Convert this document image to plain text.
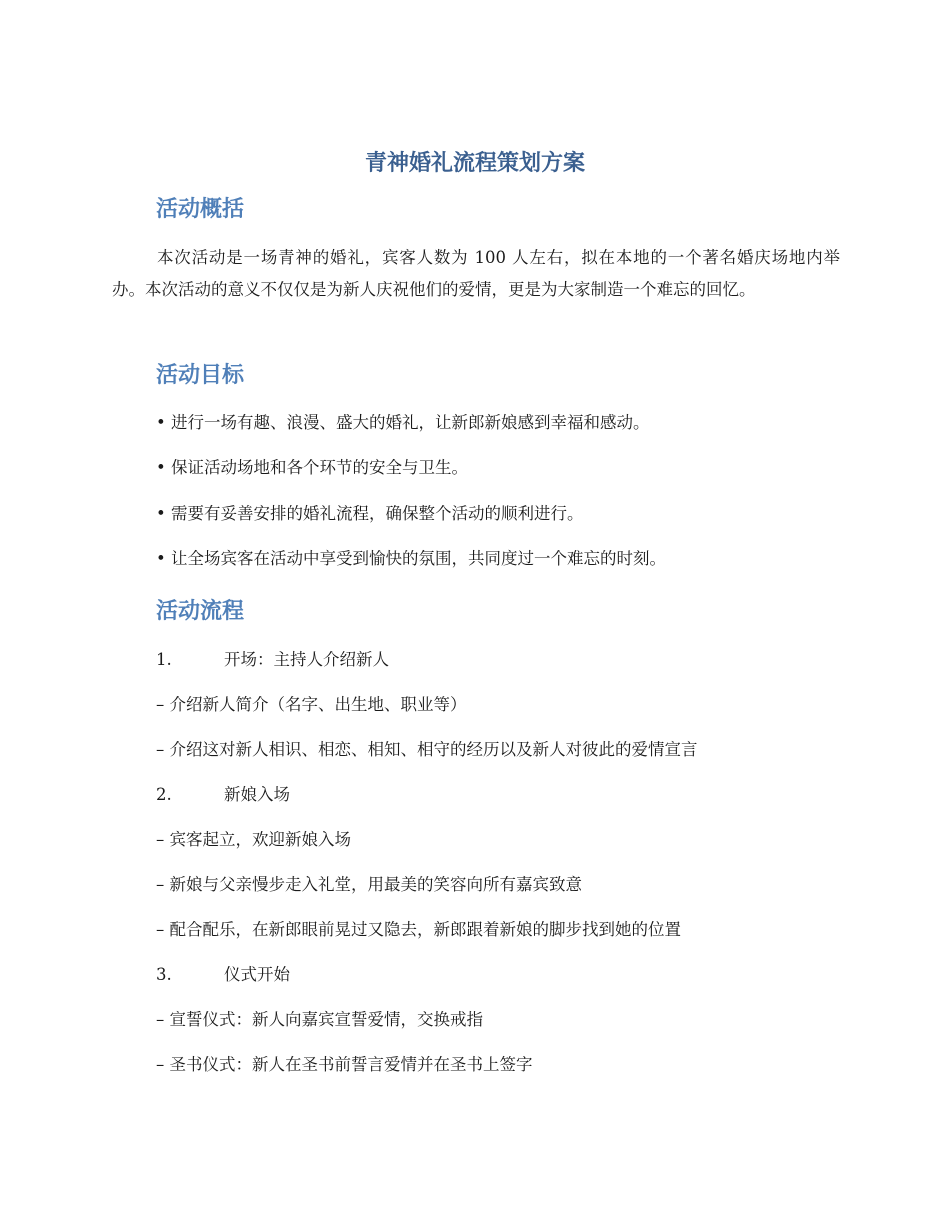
青神婚礼流程策划方案
活动概括

本次活动是一场青神的婚礼，宾客人数为 100 人左右，拟在本地的一个著名婚庆场地内举办。本次活动的意义不仅仅是为新人庆祝他们的爱情，更是为大家制造一个难忘的回忆。

活动目标

• 进行一场有趣、浪漫、盛大的婚礼，让新郎新娘感到幸福和感动。

• 保证活动场地和各个环节的安全与卫生。

• 需要有妥善安排的婚礼流程，确保整个活动的顺利进行。

• 让全场宾客在活动中享受到愉快的氛围，共同度过一个难忘的时刻。

活动流程

1.	开场：主持人介绍新人

– 介绍新人简介（名字、出生地、职业等）

– 介绍这对新人相识、相恋、相知、相守的经历以及新人对彼此的爱情宣言

2.	新娘入场

– 宾客起立，欢迎新娘入场

– 新娘与父亲慢步走入礼堂，用最美的笑容向所有嘉宾致意

– 配合配乐，在新郎眼前晃过又隐去，新郎跟着新娘的脚步找到她的位置

3.	仪式开始

– 宣誓仪式：新人向嘉宾宣誓爱情，交换戒指

– 圣书仪式：新人在圣书前誓言爱情并在圣书上签字
